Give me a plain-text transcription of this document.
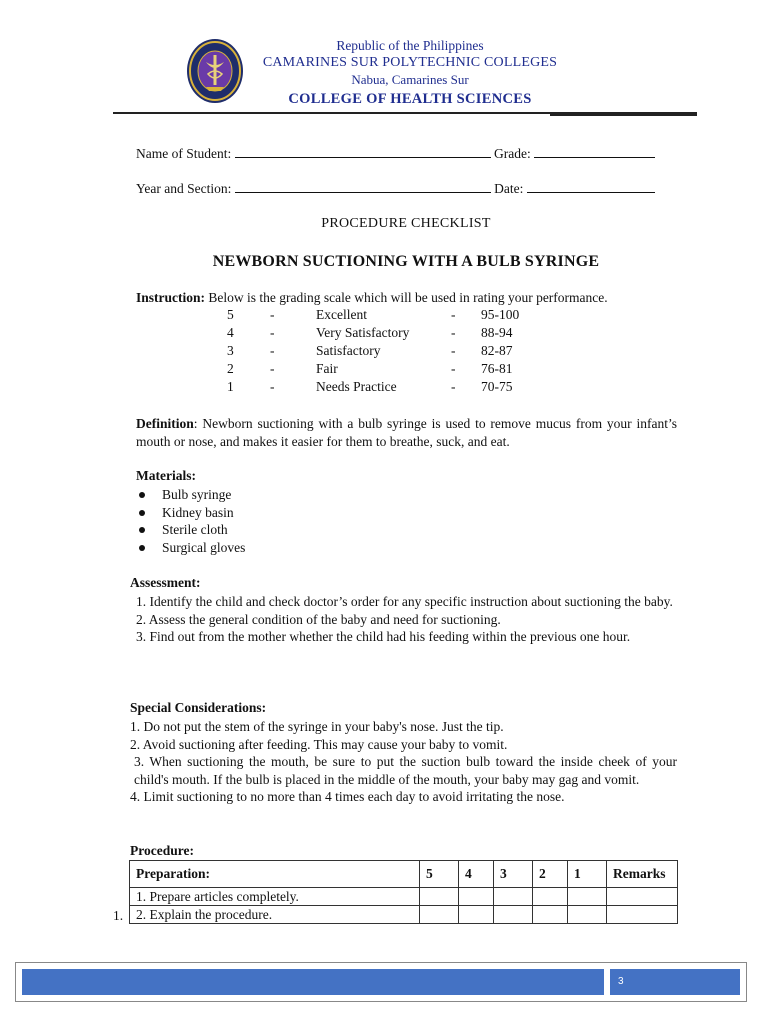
Republic of the Philippines
CAMARINES SUR POLYTECHNIC COLLEGES
Nabua, Camarines Sur
COLLEGE OF HEALTH SCIENCES
Name of Student:	Grade:
Year and Section:	Date:
PROCEDURE CHECKLIST
NEWBORN SUCTIONING WITH A BULB SYRINGE
Instruction: Below is the grading scale which will be used in rating your performance.
5	-	Excellent	- 95-100
4	-	Very Satisfactory	- 88-94
3	-	Satisfactory	- 82-87
2	-	Fair	- 76-81
1	-	Needs Practice	- 70-75
Definition: Newborn suctioning with a bulb syringe is used to remove mucus from your infant’s mouth or nose, and makes it easier for them to breathe, suck, and eat.
Materials:
Bulb syringe
Kidney basin
Sterile cloth
Surgical gloves
Assessment:
1. Identify the child and check doctor’s order for any specific instruction about suctioning the baby.
2. Assess the general condition of the baby and need for suctioning.
3. Find out from the mother whether the child had his feeding within the previous one hour.
Special Considerations:
1. Do not put the stem of the syringe in your baby's nose. Just the tip.
2. Avoid suctioning after feeding. This may cause your baby to vomit.
3. When suctioning the mouth, be sure to put the suction bulb toward the inside cheek of your child's mouth. If the bulb is placed in the middle of the mouth, your baby may gag and vomit.
4. Limit suctioning to no more than 4 times each day to avoid irritating the nose.
Procedure:
1.
Preparation:	5	4	3	2	1	Remarks
1. Prepare articles completely.						
2. Explain the procedure.						
3
